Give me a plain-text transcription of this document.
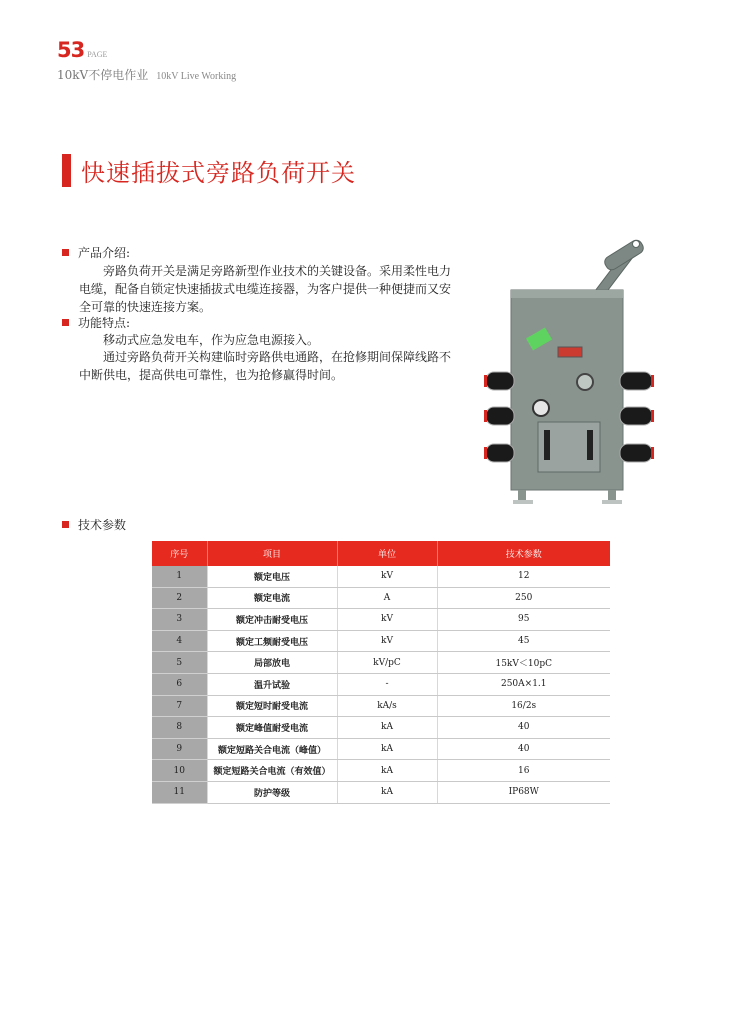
53 PAGE
10kV不停电作业 10kV Live Working
快速插拔式旁路负荷开关
产品介绍:
旁路负荷开关是满足旁路新型作业技术的关键设备。采用柔性电力电缆，配备自锁定快速插拔式电缆连接器，为客户提供一种便捷而又安全可靠的快速连接方案。
功能特点:
移动式应急发电车，作为应急电源接入。
通过旁路负荷开关构建临时旁路供电通路，在抢修期间保障线路不中断供电，提高供电可靠性，也为抢修赢得时间。
技术参数
序号	项目	单位	技术参数
1	额定电压	kV	12
2	额定电流	A	250
3	额定冲击耐受电压	kV	95
4	额定工频耐受电压	kV	45
5	局部放电	kV/pC	15kV＜10pC
6	温升试验	-	250A×1.1
7	额定短时耐受电流	kA/s	16/2s
8	额定峰值耐受电流	kA	40
9	额定短路关合电流（峰值）	kA	40
10	额定短路关合电流（有效值）	kA	16
11	防护等级	kA	IP68W
